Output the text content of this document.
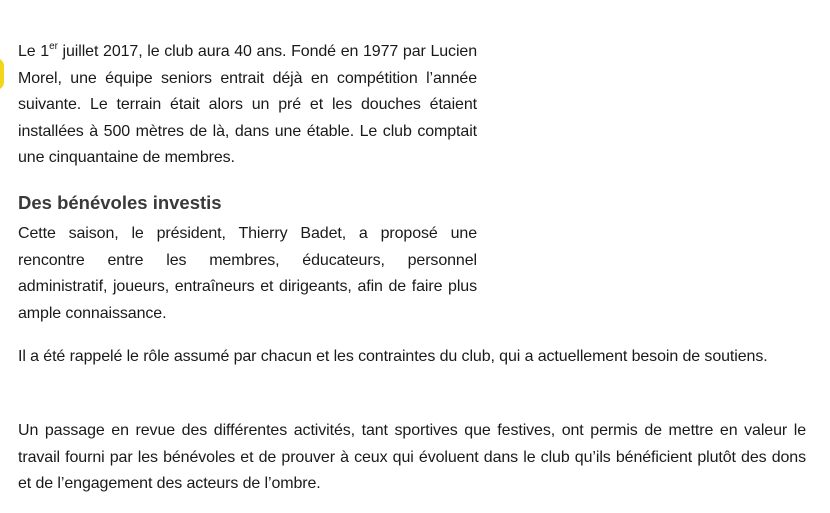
Le 1er juillet 2017, le club aura 40 ans. Fondé en 1977 par Lucien Morel, une équipe seniors entrait déjà en compétition l’année suivante. Le terrain était alors un pré et les douches étaient installées à 500 mètres de là, dans une étable. Le club comptait une cinquantaine de membres.

Des bénévoles investis

Cette saison, le président, Thierry Badet, a proposé une rencontre entre les membres, éducateurs, personnel administratif, joueurs, entraîneurs et dirigeants, afin de faire plus ample connaissance.

Il a été rappelé le rôle assumé par chacun et les contraintes du club, qui a actuellement besoin de soutiens.

Un passage en revue des différentes activités, tant sportives que festives, ont permis de mettre en valeur le travail fourni par les bénévoles et de prouver à ceux qui évoluent dans le club qu’ils bénéficient plutôt des dons et de l’engagement des acteurs de l’ombre.
